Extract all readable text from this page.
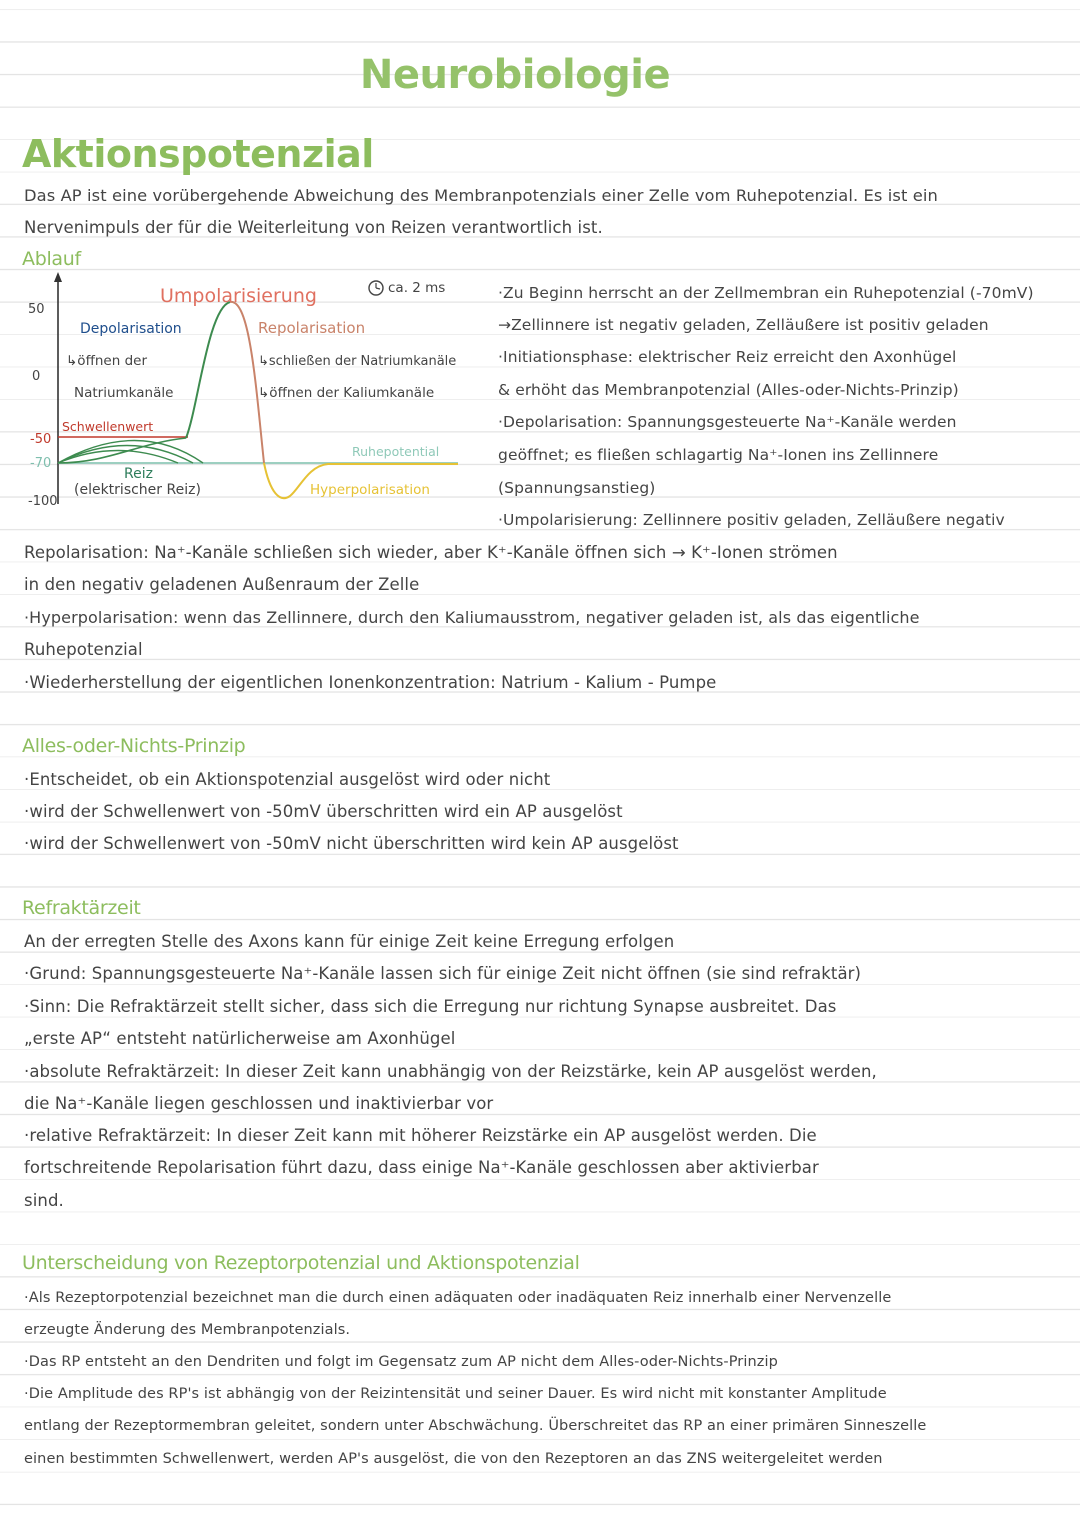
Neurobiologie
Aktionspotenzial
Das AP ist eine vorübergehende Abweichung des Membranpotenzials einer Zelle vom Ruhepotenzial. Es ist ein
Nervenimpuls der für die Weiterleitung von Reizen verantwortlich ist.
Ablauf
50
0
-50
-70
-100
ca. 2 ms
Umpolarisierung
Depolarisation
↳öffnen der
Natriumkanäle
Repolarisation
↳schließen der Natriumkanäle
↳öffnen der Kaliumkanäle
Schwellenwert
Ruhepotential
Reiz
(elektrischer Reiz)	Hyperpolarisation
·Zu Beginn herrscht an der Zellmembran ein Ruhepotenzial (-70mV)
→Zellinnere ist negativ geladen, Zelläußere ist positiv geladen
·Initiationsphase: elektrischer Reiz erreicht den Axonhügel
& erhöht das Membranpotenzial (Alles-oder-Nichts-Prinzip)
·Depolarisation: Spannungsgesteuerte Na⁺-Kanäle werden
geöffnet; es fließen schlagartig Na⁺-Ionen ins Zellinnere
(Spannungsanstieg)
·Umpolarisierung: Zellinnere positiv geladen, Zelläußere negativ
Repolarisation: Na⁺-Kanäle schließen sich wieder, aber K⁺-Kanäle öffnen sich → K⁺-Ionen strömen
in den negativ geladenen Außenraum der Zelle
·Hyperpolarisation: wenn das Zellinnere, durch den Kaliumausstrom, negativer geladen ist, als das eigentliche
Ruhepotenzial
·Wiederherstellung der eigentlichen Ionenkonzentration: Natrium - Kalium - Pumpe
Alles-oder-Nichts-Prinzip
·Entscheidet, ob ein Aktionspotenzial ausgelöst wird oder nicht
·wird der Schwellenwert von -50mV überschritten wird ein AP ausgelöst
·wird der Schwellenwert von -50mV nicht überschritten wird kein AP ausgelöst
Refraktärzeit
An der erregten Stelle des Axons kann für einige Zeit keine Erregung erfolgen
·Grund: Spannungsgesteuerte Na⁺-Kanäle lassen sich für einige Zeit nicht öffnen (sie sind refraktär)
·Sinn: Die Refraktärzeit stellt sicher, dass sich die Erregung nur richtung Synapse ausbreitet. Das
„erste AP“ entsteht natürlicherweise am Axonhügel
·absolute Refraktärzeit: In dieser Zeit kann unabhängig von der Reizstärke, kein AP ausgelöst werden,
die Na⁺-Kanäle liegen geschlossen und inaktivierbar vor
·relative Refraktärzeit: In dieser Zeit kann mit höherer Reizstärke ein AP ausgelöst werden. Die
fortschreitende Repolarisation führt dazu, dass einige Na⁺-Kanäle geschlossen aber aktivierbar
sind.
Unterscheidung von Rezeptorpotenzial und Aktionspotenzial
·Als Rezeptorpotenzial bezeichnet man die durch einen adäquaten oder inadäquaten Reiz innerhalb einer Nervenzelle
erzeugte Änderung des Membranpotenzials.
·Das RP entsteht an den Dendriten und folgt im Gegensatz zum AP nicht dem Alles-oder-Nichts-Prinzip
·Die Amplitude des RP's ist abhängig von der Reizintensität und seiner Dauer. Es wird nicht mit konstanter Amplitude
entlang der Rezeptormembran geleitet, sondern unter Abschwächung. Überschreitet das RP an einer primären Sinneszelle
einen bestimmten Schwellenwert, werden AP's ausgelöst, die von den Rezeptoren an das ZNS weitergeleitet werden
